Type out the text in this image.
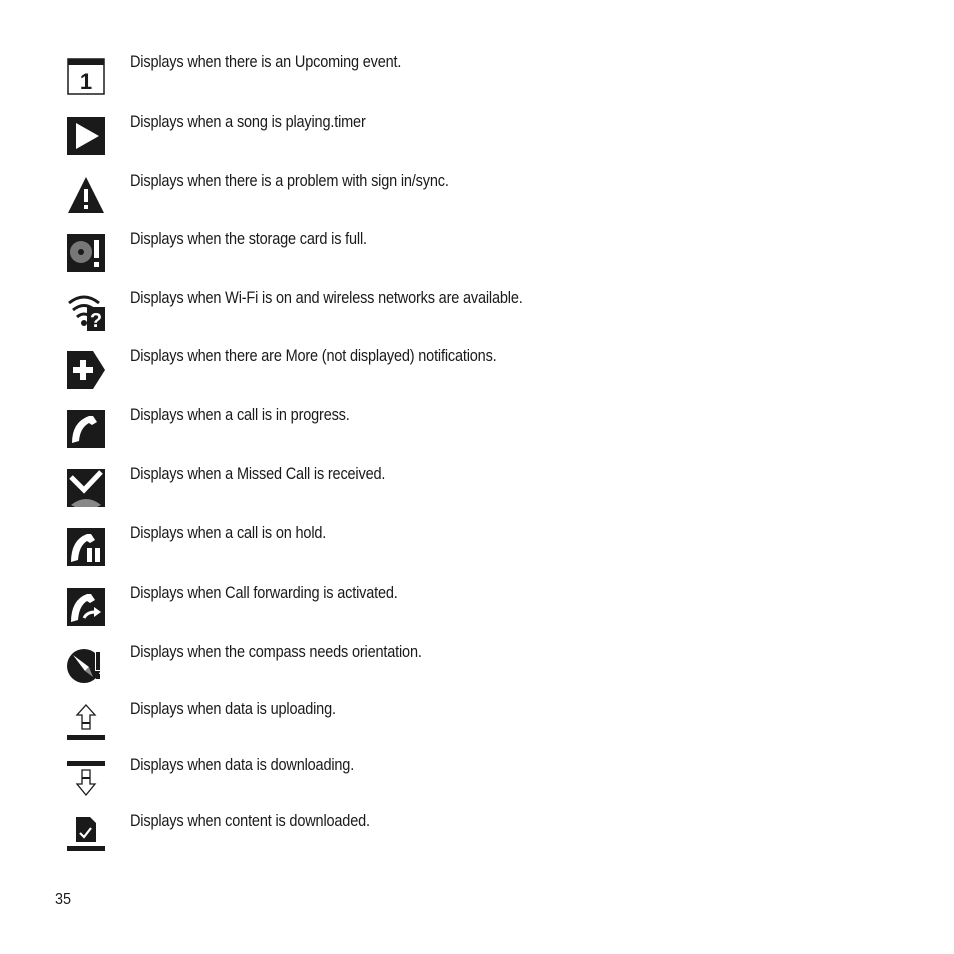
1
Displays when there is an Upcoming event.
Displays when a song is playing.timer
Displays when there is a problem with sign in/sync.
Displays when the storage card is full.
?
Displays when Wi-Fi is on and wireless networks are available.
Displays when there are More (not displayed) notifications.
Displays when a call is in progress.
Displays when a Missed Call is received.
Displays when a call is on hold.
Displays when Call forwarding is activated.
Displays when the compass needs orientation.
Displays when data is uploading.
Displays when data is downloading.
Displays when content is downloaded.
35
